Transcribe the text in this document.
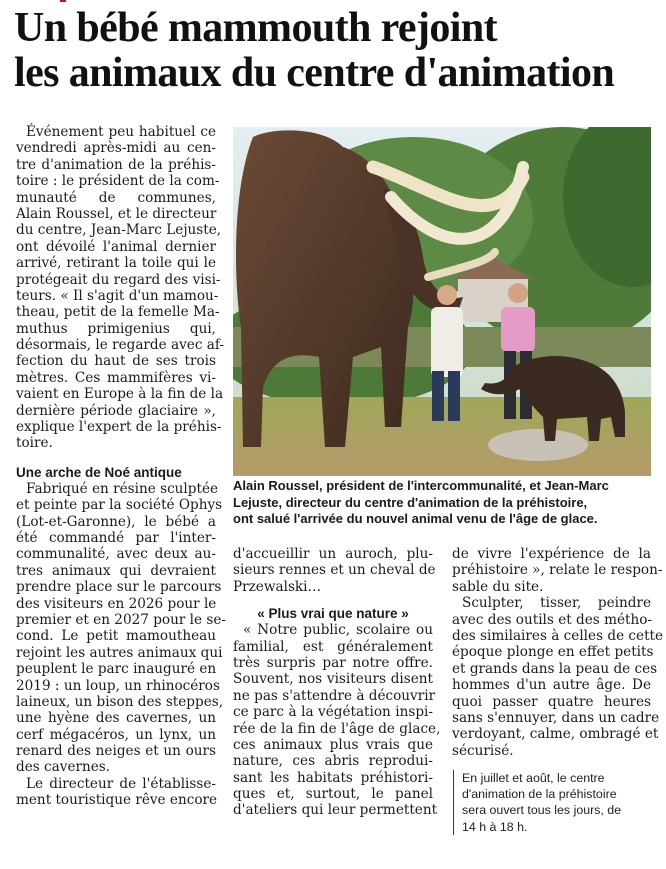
Un bébé mammouth rejoint
les animaux du centre d'animation
Événement peu habituel ce
vendredi après-midi au cen-
tre d'animation de la préhis-
toire : le président de la com-
munauté de communes,
Alain Roussel, et le directeur
du centre, Jean-Marc Lejuste,
ont dévoilé l'animal dernier
arrivé, retirant la toile qui le
protégeait du regard des visi-
teurs. « Il s'agit d'un mamou-
theau, petit de la femelle Ma-
muthus primigenius qui,
désormais, le regarde avec af-
fection du haut de ses trois
mètres. Ces mammifères vi-
vaient en Europe à la fin de la
dernière période glaciaire »,
explique l'expert de la préhis-
toire.
Une arche de Noé antique
Fabriqué en résine sculptée
et peinte par la société Ophys
(Lot-et-Garonne), le bébé a
été commandé par l'inter-
communalité, avec deux au-
tres animaux qui devraient
prendre place sur le parcours
des visiteurs en 2026 pour le
premier et en 2027 pour le se-
cond. Le petit mamoutheau
rejoint les autres animaux qui
peuplent le parc inauguré en
2019 : un loup, un rhinocéros
laineux, un bison des steppes,
une hyène des cavernes, un
cerf mégacéros, un lynx, un
renard des neiges et un ours
des cavernes.
Le directeur de l'établisse-
ment touristique rêve encore
Alain Roussel, président de l'intercommunalité, et Jean-Marc
Lejuste, directeur du centre d'animation de la préhistoire,
ont salué l'arrivée du nouvel animal venu de l'âge de glace.
d'accueillir un auroch, plu-
sieurs rennes et un cheval de
Przewalski…
« Plus vrai que nature »
« Notre public, scolaire ou
familial, est généralement
très surpris par notre offre.
Souvent, nos visiteurs disent
ne pas s'attendre à découvrir
ce parc à la végétation inspi-
rée de la fin de l'âge de glace,
ces animaux plus vrais que
nature, ces abris reprodui-
sant les habitats préhistori-
ques et, surtout, le panel
d'ateliers qui leur permettent
de vivre l'expérience de la
préhistoire », relate le respon-
sable du site.
Sculpter, tisser, peindre
avec des outils et des métho-
des similaires à celles de cette
époque plonge en effet petits
et grands dans la peau de ces
hommes d'un autre âge. De
quoi passer quatre heures
sans s'ennuyer, dans un cadre
verdoyant, calme, ombragé et
sécurisé.
En juillet et août, le centre
d'animation de la préhistoire
sera ouvert tous les jours, de
14 h à 18 h.
